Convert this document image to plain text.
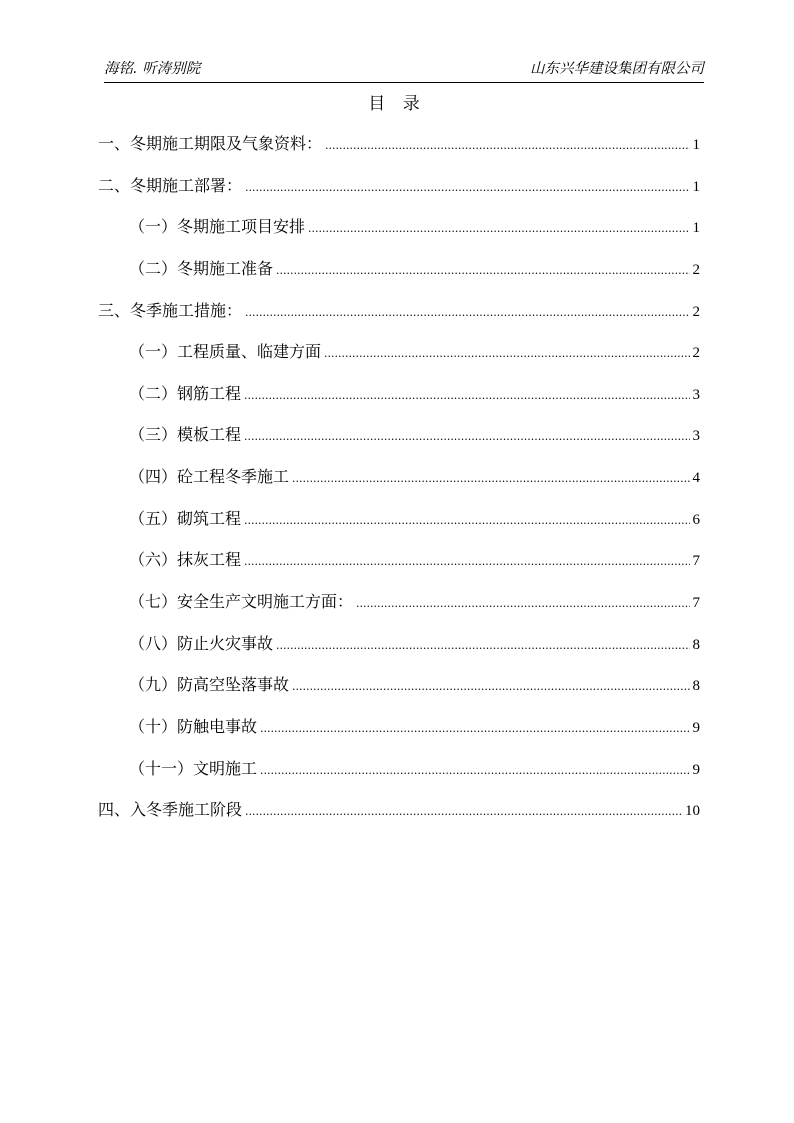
海铭. 听涛别院	山东兴华建设集团有限公司
目 录
一、冬期施工期限及气象资料： .....	1
二、冬期施工部署： .....	1
（一）冬期施工项目安排 .....	1
（二）冬期施工准备 .....	2
三、冬季施工措施： .....	2
（一）工程质量、临建方面 .....	2
（二）钢筋工程 .....	3
（三）模板工程 .....	3
（四）砼工程冬季施工 .....	4
（五）砌筑工程 .....	6
（六）抹灰工程 .....	7
（七）安全生产文明施工方面： .....	7
（八）防止火灾事故 .....	8
（九）防高空坠落事故 .....	8
（十）防触电事故 .....	9
（十一）文明施工 .....	9
四、入冬季施工阶段 .....	10
